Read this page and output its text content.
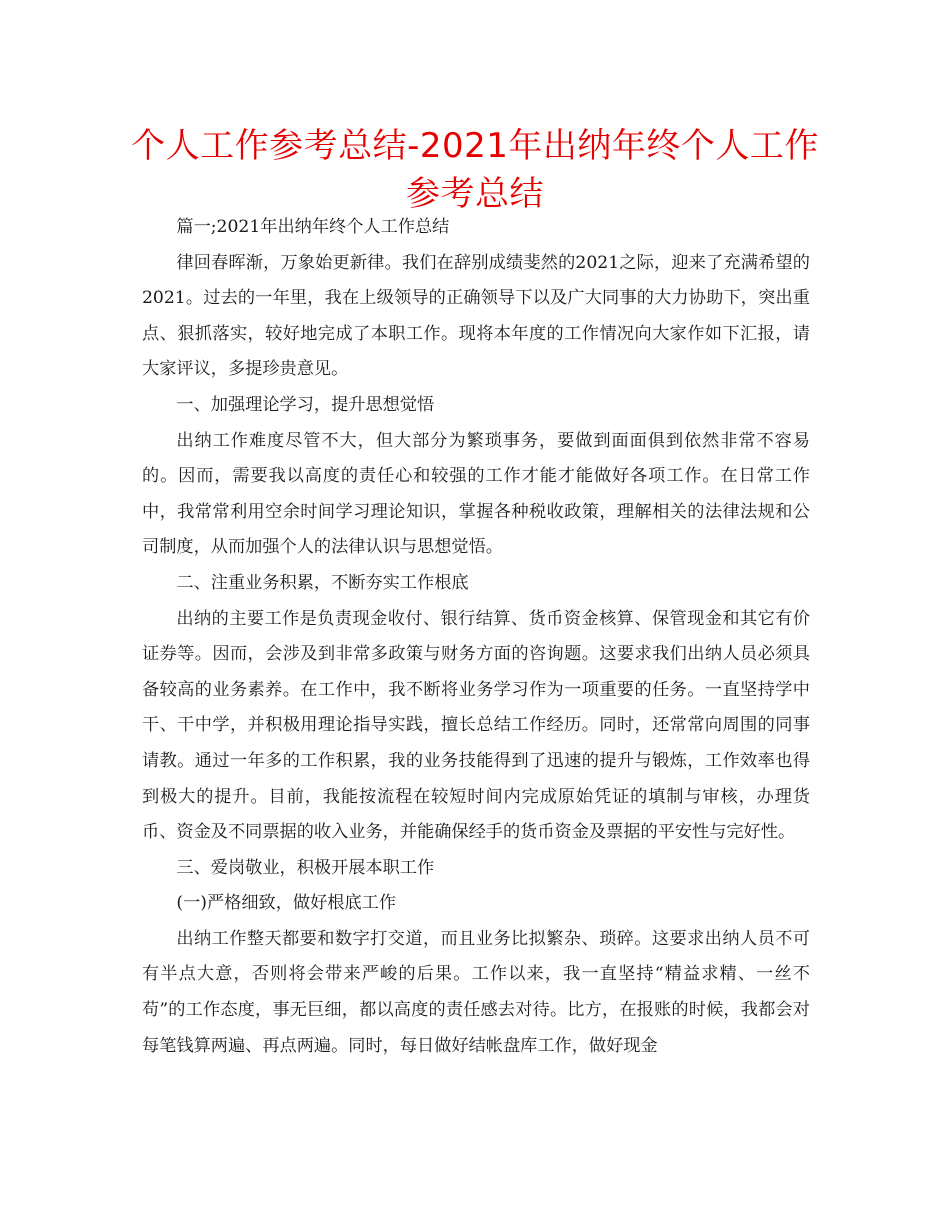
个人工作参考总结-2021年出纳年终个人工作参考总结

篇一;2021年出纳年终个人工作总结

律回春晖渐，万象始更新律。我们在辞别成绩斐然的2021之际，迎来了充满希望的2021。过去的一年里，我在上级领导的正确领导下以及广大同事的大力协助下，突出重点、狠抓落实，较好地完成了本职工作。现将本年度的工作情况向大家作如下汇报，请大家评议，多提珍贵意见。

一、加强理论学习，提升思想觉悟

出纳工作难度尽管不大，但大部分为繁琐事务，要做到面面俱到依然非常不容易的。因而，需要我以高度的责任心和较强的工作才能才能做好各项工作。在日常工作中，我常常利用空余时间学习理论知识，掌握各种税收政策，理解相关的法律法规和公司制度，从而加强个人的法律认识与思想觉悟。

二、注重业务积累，不断夯实工作根底

出纳的主要工作是负责现金收付、银行结算、货币资金核算、保管现金和其它有价证券等。因而，会涉及到非常多政策与财务方面的咨询题。这要求我们出纳人员必须具备较高的业务素养。在工作中，我不断将业务学习作为一项重要的任务。一直坚持学中干、干中学，并积极用理论指导实践，擅长总结工作经历。同时，还常常向周围的同事请教。通过一年多的工作积累，我的业务技能得到了迅速的提升与锻炼，工作效率也得到极大的提升。目前，我能按流程在较短时间内完成原始凭证的填制与审核，办理货币、资金及不同票据的收入业务，并能确保经手的货币资金及票据的平安性与完好性。

三、爱岗敬业，积极开展本职工作

(一)严格细致，做好根底工作

出纳工作整天都要和数字打交道，而且业务比拟繁杂、琐碎。这要求出纳人员不可有半点大意，否则将会带来严峻的后果。工作以来，我一直坚持“精益求精、一丝不苟”的工作态度，事无巨细，都以高度的责任感去对待。比方，在报账的时候，我都会对每笔钱算两遍、再点两遍。同时，每日做好结帐盘库工作，做好现金
